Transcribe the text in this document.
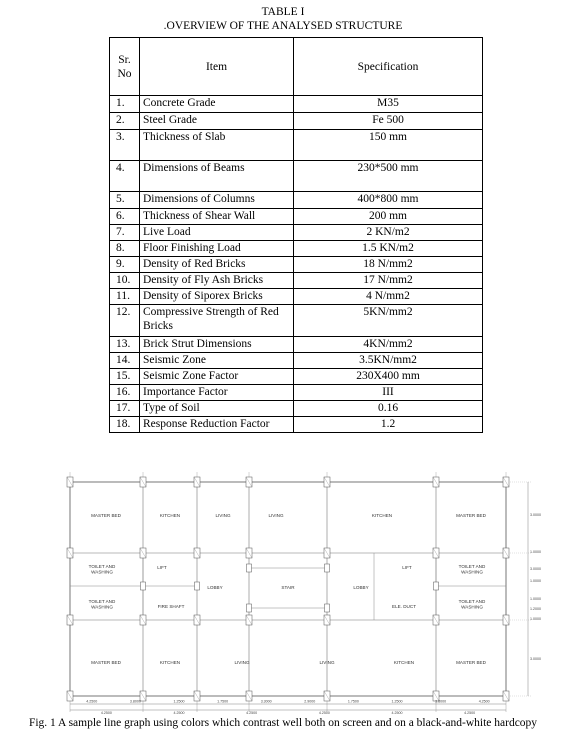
TABLE I
.OVERVIEW OF THE ANALYSED STRUCTURE
Sr. No	Item	Specification
1.	Concrete Grade	M35
2.	Steel Grade	Fe 500
3.	Thickness of Slab	150 mm
4.	Dimensions of Beams	230*500 mm
5.	Dimensions of Columns	400*800 mm
6.	Thickness of Shear Wall	200 mm
7.	Live Load	2 KN/m2
8.	Floor Finishing Load	1.5 KN/m2
9.	Density of Red Bricks	18 N/mm2
10.	Density of Fly Ash Bricks	17 N/mm2
11.	Density of Siporex Bricks	4 N/mm2
12.	Compressive Strength of Red Bricks	5KN/mm2
13.	Brick Strut Dimensions	4KN/mm2
14.	Seismic Zone	3.5KN/mm2
15.	Seismic Zone Factor	230X400 mm
16.	Importance Factor	III
17.	Type of Soil	0.16
18.	Response Reduction Factor	1.2
MASTER BED	KITCHEN	LIVING	LIVING	KITCHEN	MASTER BED
TOILET AND
WASHING
LIFT
LOBBY	STAIR	LOBBY
LIFT	TOILET AND
WASHING
TOILET AND
WASHING	FIRE SHAFT	ELE. DUCT
TOILET AND
WASHING
MASTER BED	KITCHEN	LIVING	LIVING	KITCHEN	MASTER BED
4.2500	3.8000	1.2500	1.7500	3.3000	2.9000	1.7500	1.2500	3.8000	4.2500
4.2500	4.2500	4.2500	4.2500	4.2500	4.2500
3.0000
1.0000
3.0000
1.0000
1.0000
1.2000
1.0000
3.0000
Fig. 1 A sample line graph using colors which contrast well both on screen and on a black-and-white hardcopy
